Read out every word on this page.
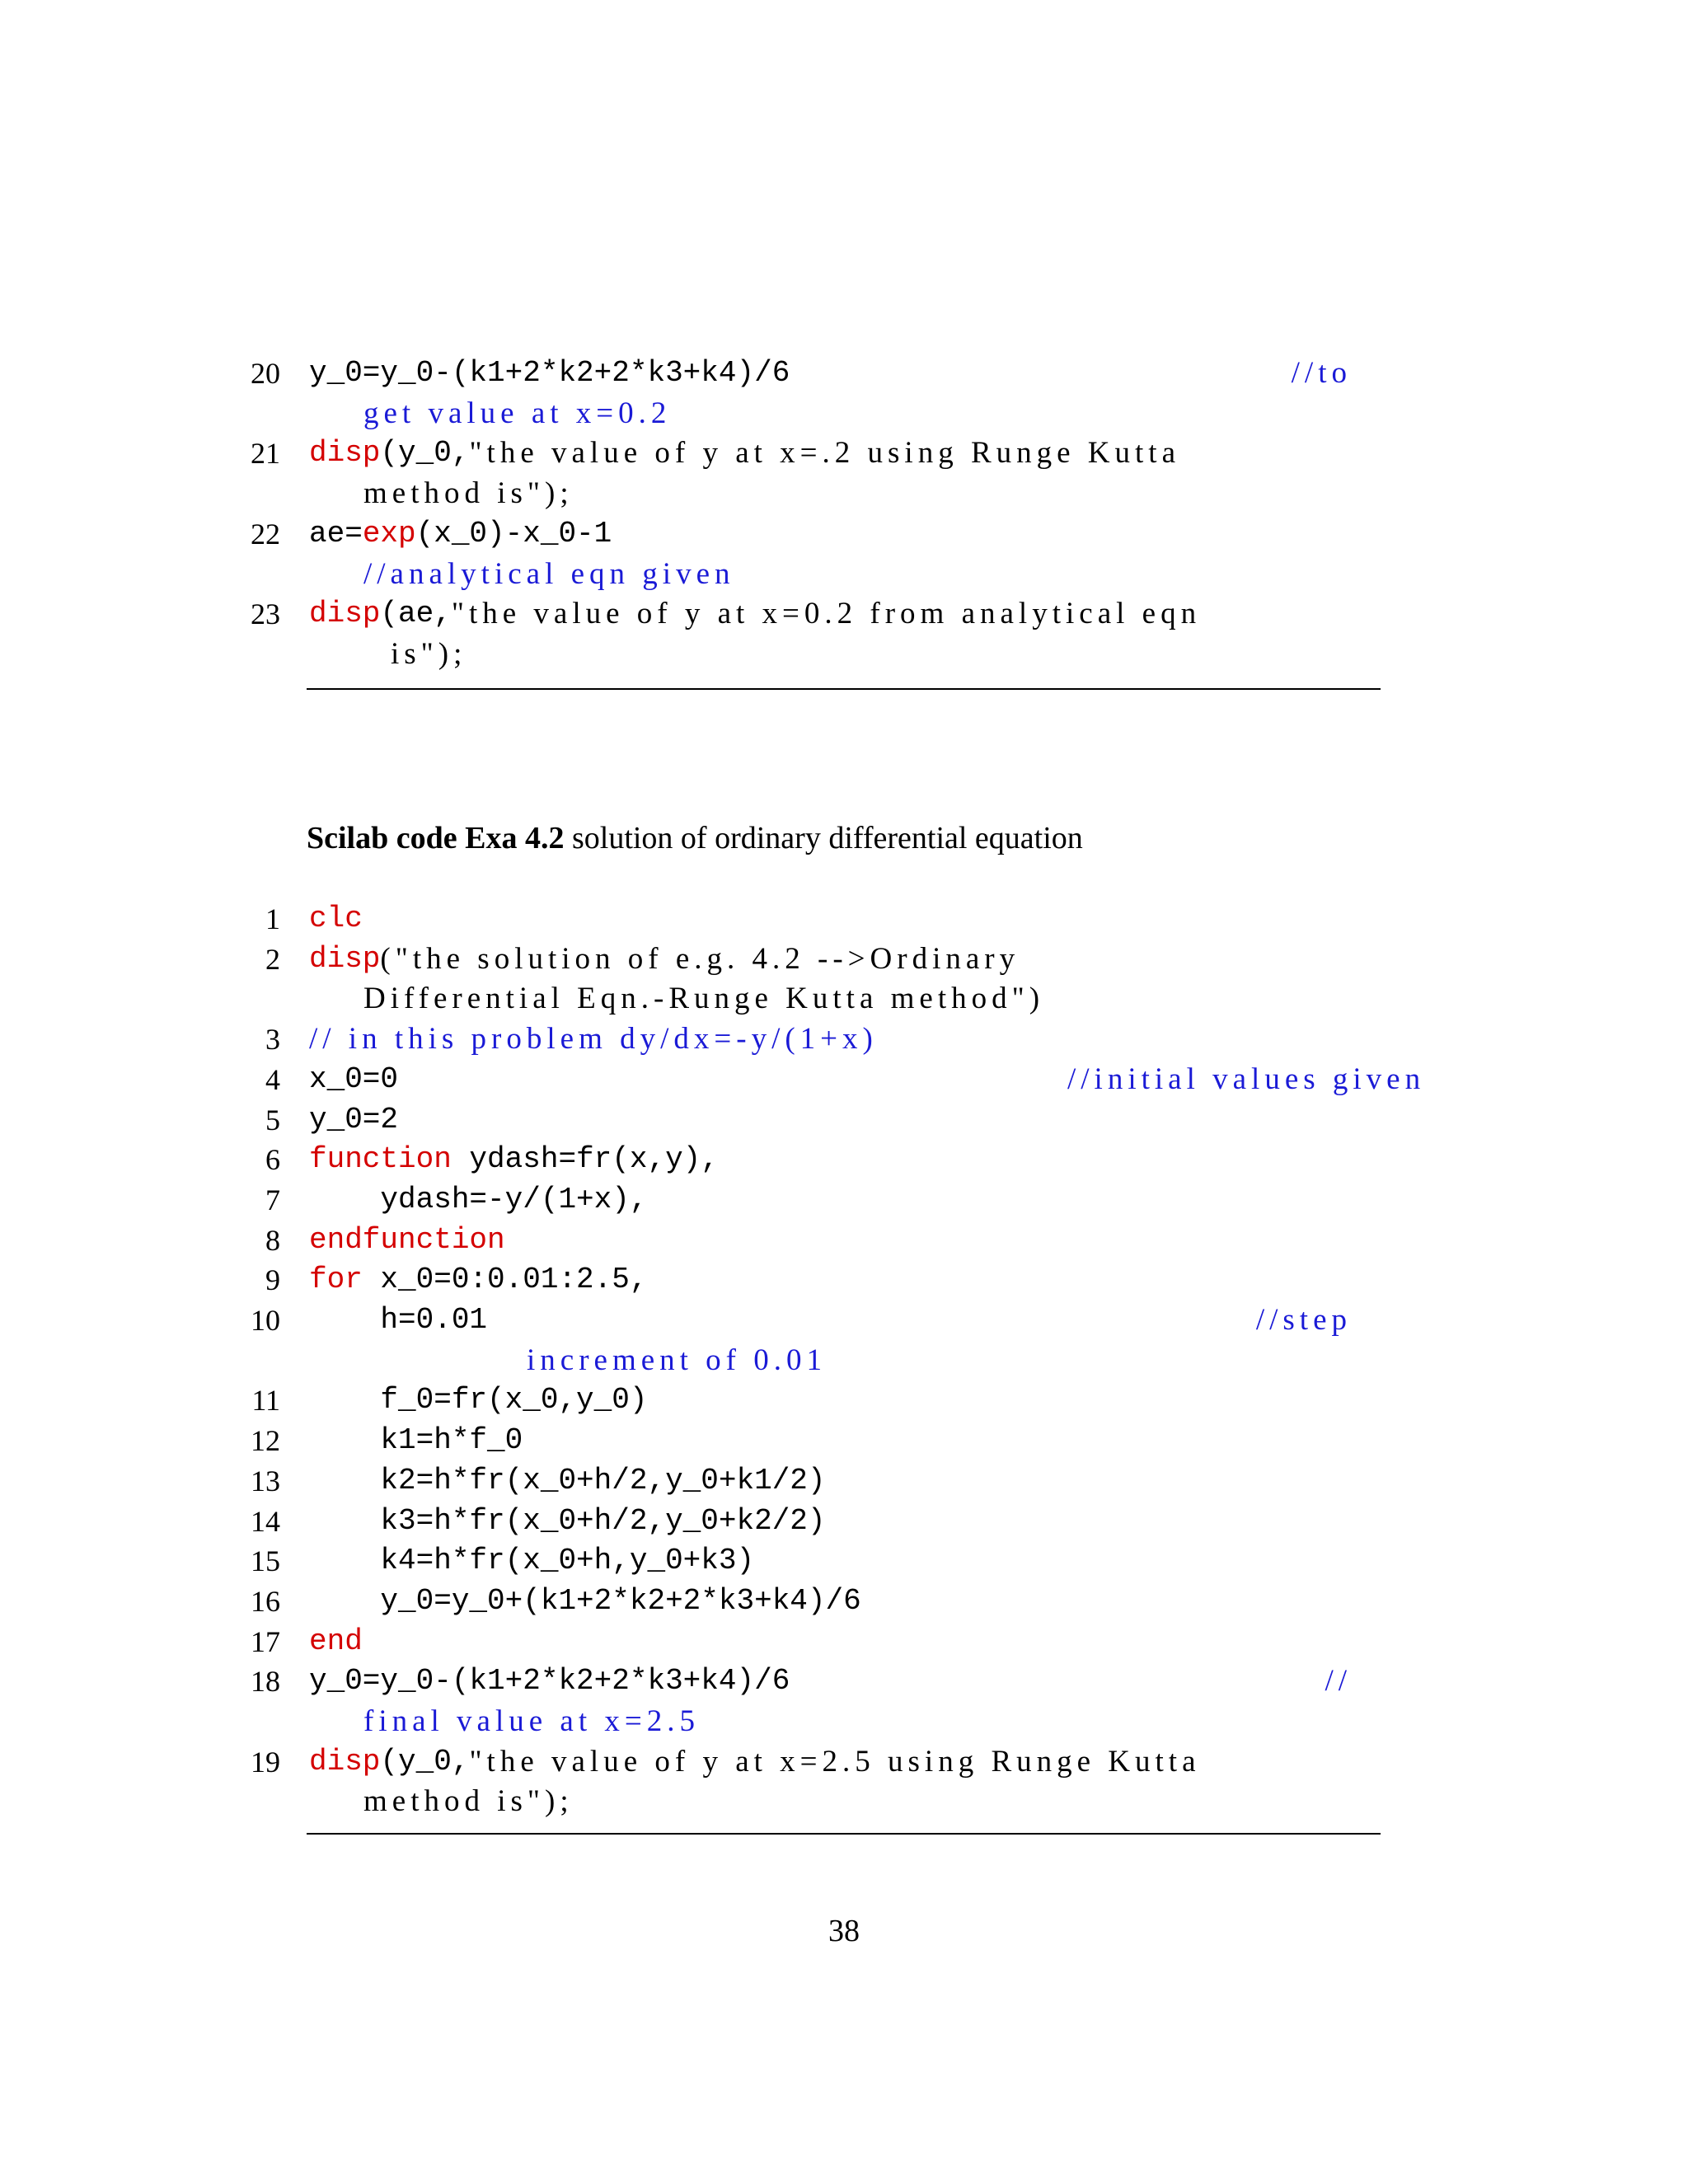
20 y_0=y_0-(k1+2*k2+2*k3+k4)/6	//to
get value at x=0.2
21 disp (y_0, "the value of y at x=.2 using Runge Kutta
method is");
22 ae= exp (x_0)-x_0-1
//analytical eqn given
23 disp (ae, "the value of y at x=0.2 from analytical eqn
is");
Scilab code Exa 4.2 solution of ordinary differential equation
1 clc
2 disp ("the solution of e.g. 4.2 -->Ordinary
Differential Eqn.-Runge Kutta method")
3 // in this problem dy/dx=-y/(1+x)
4 x_0=0	//initial values given
5 y_0=2
6 function ydash=fr(x,y),
7 ydash=-y/(1+x),
8 endfunction
9 for x_0=0:0.01:2.5,
10 h=0.01	//step
increment of 0.01
11 f_0=fr(x_0,y_0)
12 k1=h*f_0
13 k2=h*fr(x_0+h/2,y_0+k1/2)
14 k3=h*fr(x_0+h/2,y_0+k2/2)
15 k4=h*fr(x_0+h,y_0+k3)
16 y_0=y_0+(k1+2*k2+2*k3+k4)/6
17 end
18 y_0=y_0-(k1+2*k2+2*k3+k4)/6	//
final value at x=2.5
19 disp (y_0, "the value of y at x=2.5 using Runge Kutta
method is");
38
